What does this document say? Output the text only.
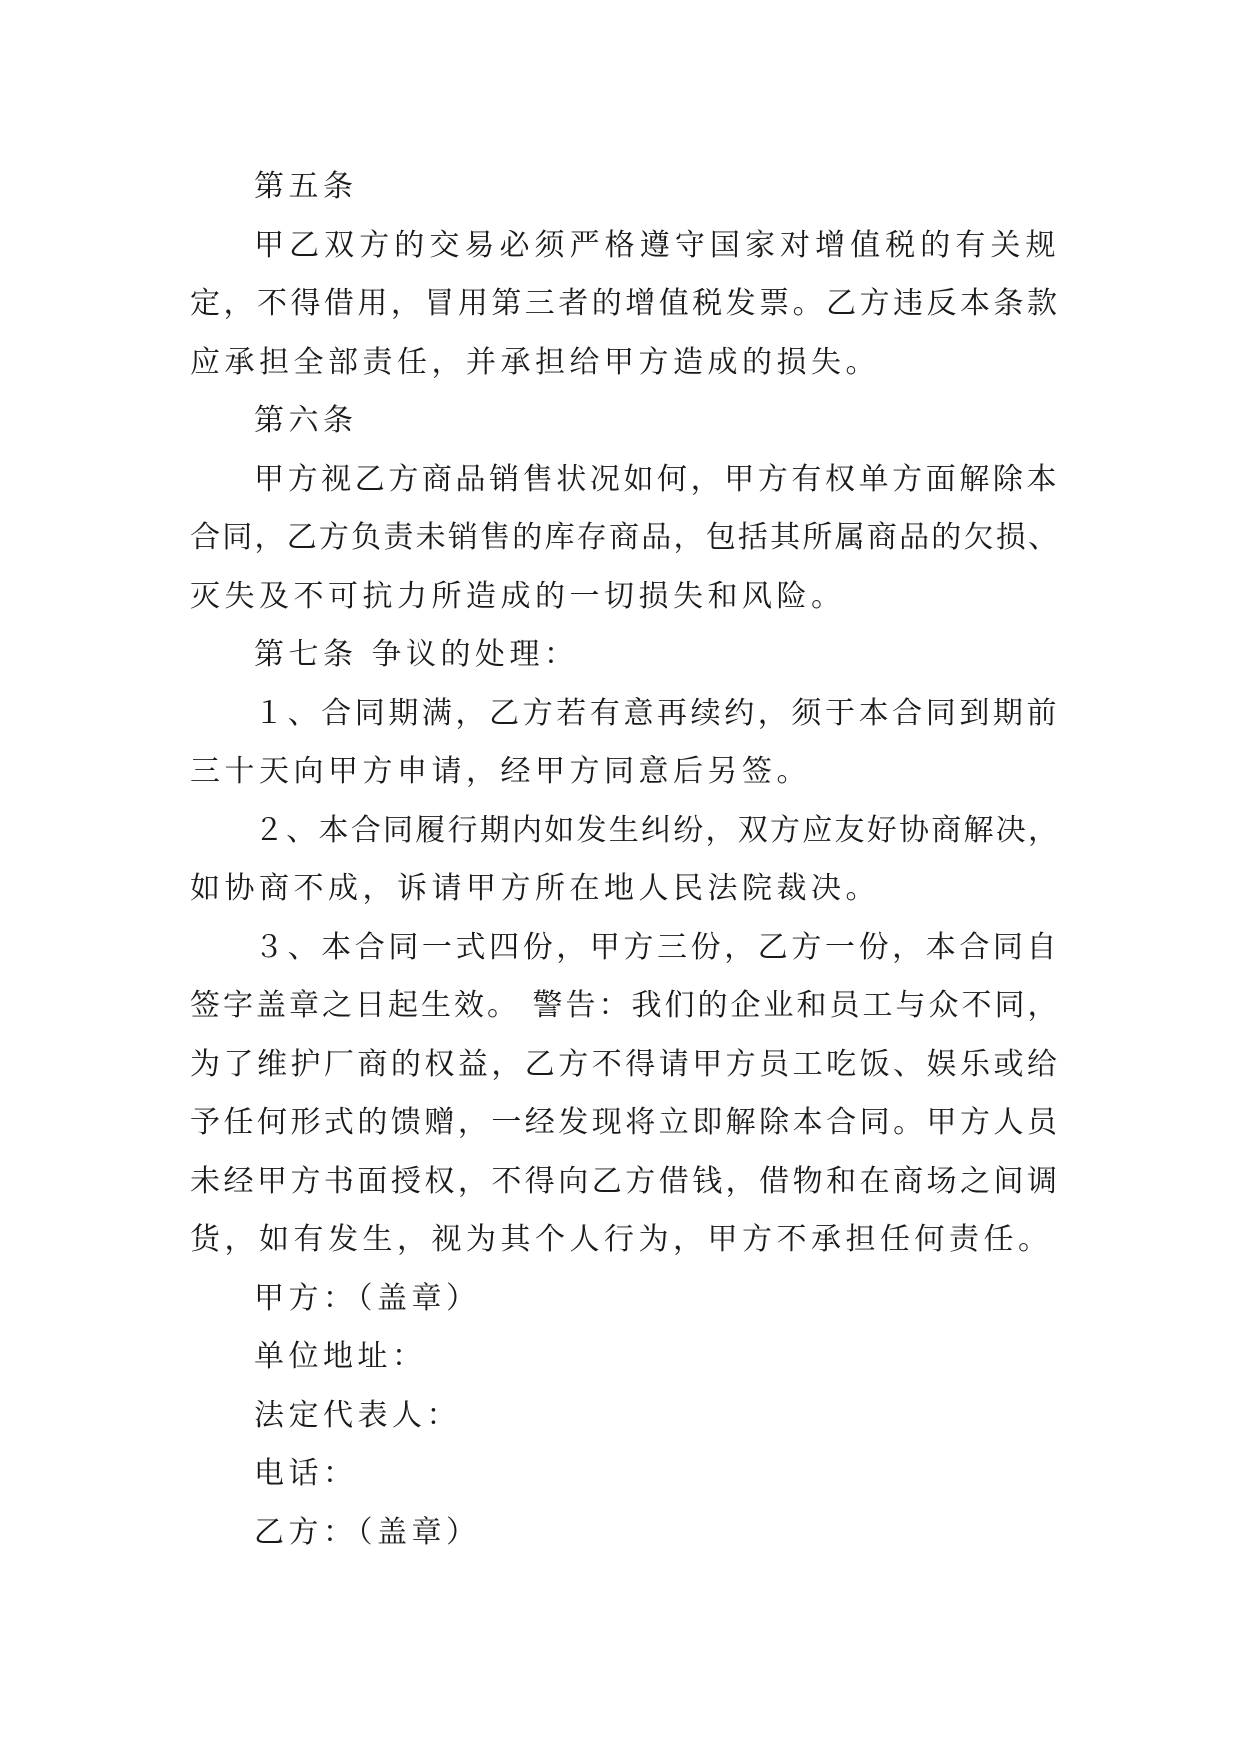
第五条
甲乙双方的交易必须严格遵守国家对增值税的有关规
定，不得借用，冒用第三者的增值税发票。乙方违反本条款
应承担全部责任，并承担给甲方造成的损失。
第六条
甲方视乙方商品销售状况如何，甲方有权单方面解除本
合同，乙方负责未销售的库存商品，包括其所属商品的欠损、
灭失及不可抗力所造成的一切损失和风险。
第七条 争议的处理：
１、合同期满，乙方若有意再续约，须于本合同到期前
三十天向甲方申请，经甲方同意后另签。
２、本合同履行期内如发生纠纷，双方应友好协商解决，
如协商不成，诉请甲方所在地人民法院裁决。
３、本合同一式四份，甲方三份，乙方一份，本合同自
签字盖章之日起生效。 警告：我们的企业和员工与众不同，
为了维护厂商的权益，乙方不得请甲方员工吃饭、娱乐或给
予任何形式的馈赠，一经发现将立即解除本合同。甲方人员
未经甲方书面授权，不得向乙方借钱，借物和在商场之间调
货，如有发生，视为其个人行为，甲方不承担任何责任。
甲方：（盖章）
单位地址：
法定代表人：
电话：
乙方：（盖章）
